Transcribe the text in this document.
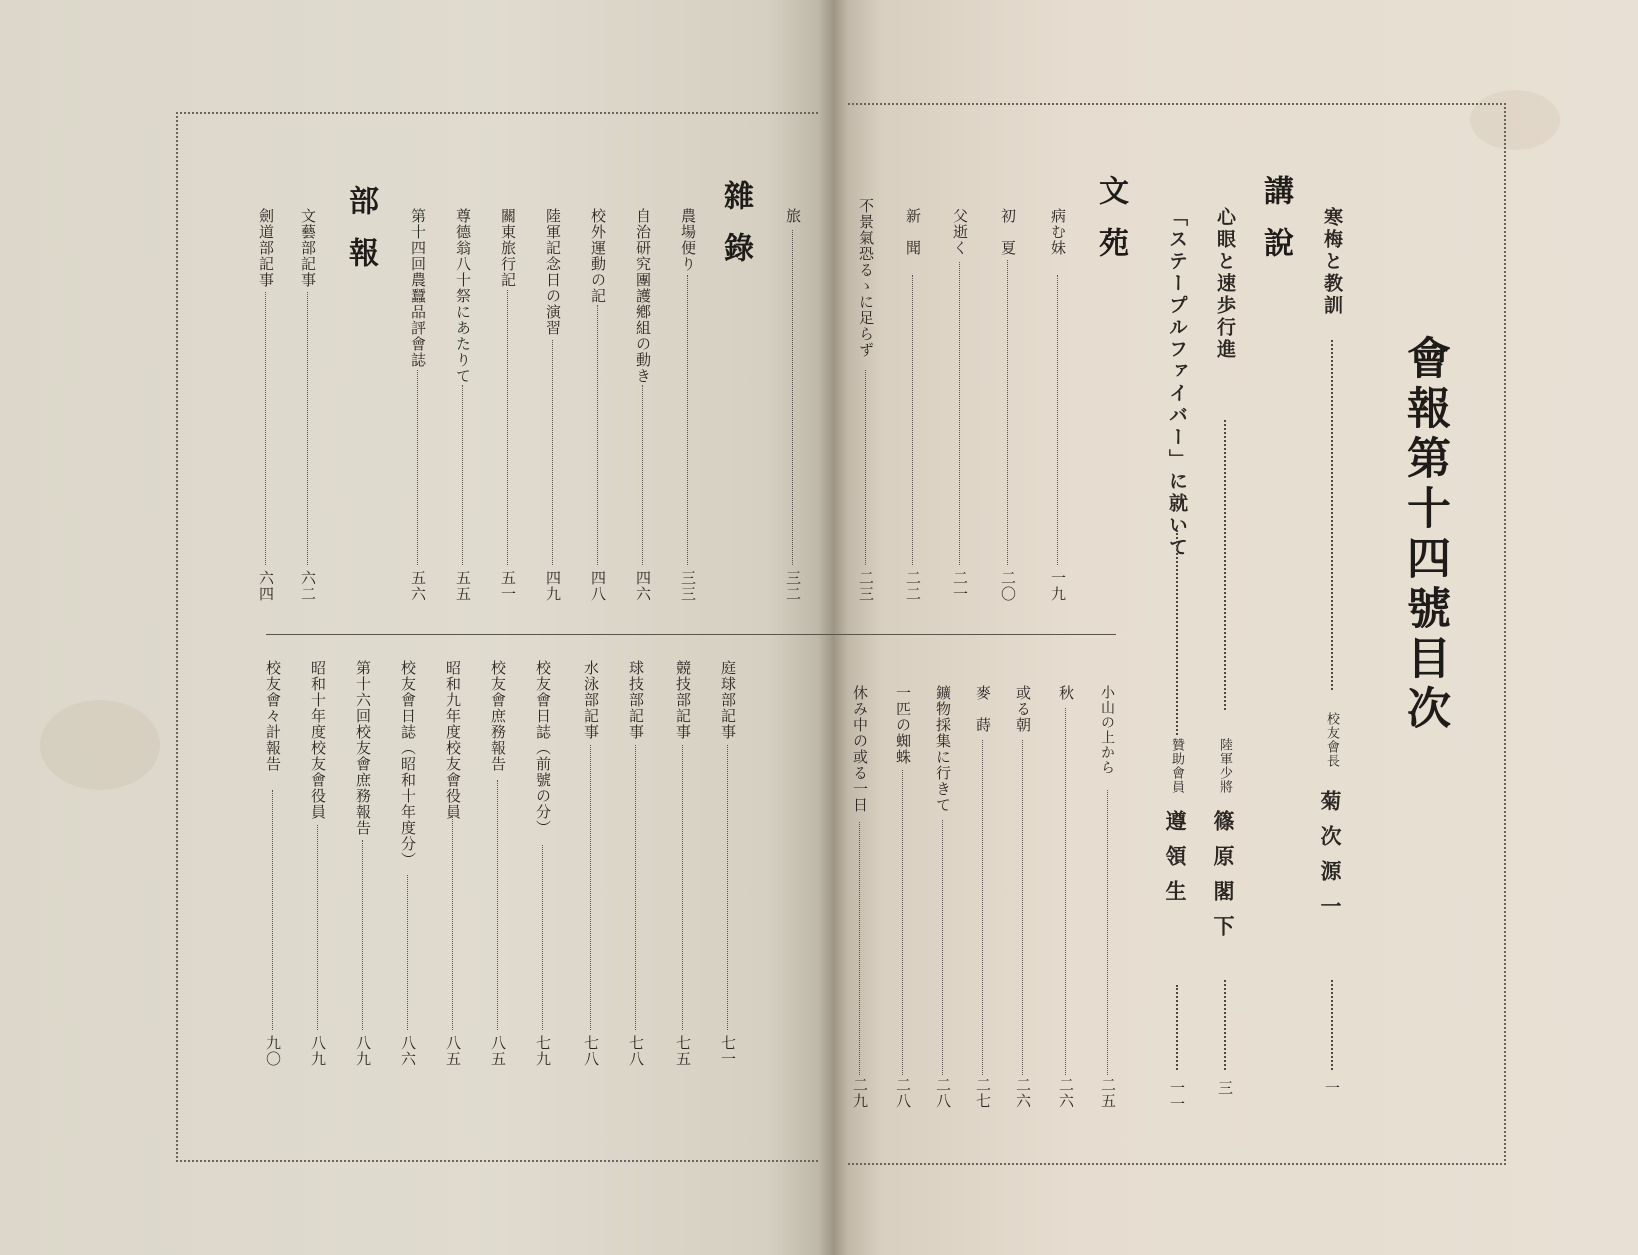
會報第十四號目次
講說 寒梅と教訓
校友會長
菊次源一
一
心眼と速歩行進
陸軍少將
篠原閣下
三
「ステープルファイバー」に就いて
贊助會員
遵領生
一一
文苑
病む妹
一九
初　夏
二〇
父逝く
二一
新　聞
二二
不景氣恐るゝに足らず
二三
小山の上から
二五
秋
二六
或る朝
二六
麥　蒔
二七
鑛物採集に行きて
二八
一匹の蜘蛛
二八
休み中の或る一日
二九
雜錄 旅
三二
農場便り
三三
自治研究團護鄕組の動き
四六
校外運動の記
四八
陸軍記念日の演習
四九
關東旅行記
五一
尊德翁八十祭にあたりて
五五
第十四回農蠶品評會誌
五六
部報
文藝部記事
六二
劍道部記事
六四
庭球部記事
七一
競技部記事
七五
球技部記事
七八
水泳部記事
七八
校友會日誌（前號の分）
七九
校友會庶務報告
八五
昭和九年度校友會役員
八五
校友會日誌（昭和十年度分）
八六
第十六回校友會庶務報告
八九
昭和十年度校友會役員
八九
校友會々計報告
九〇
